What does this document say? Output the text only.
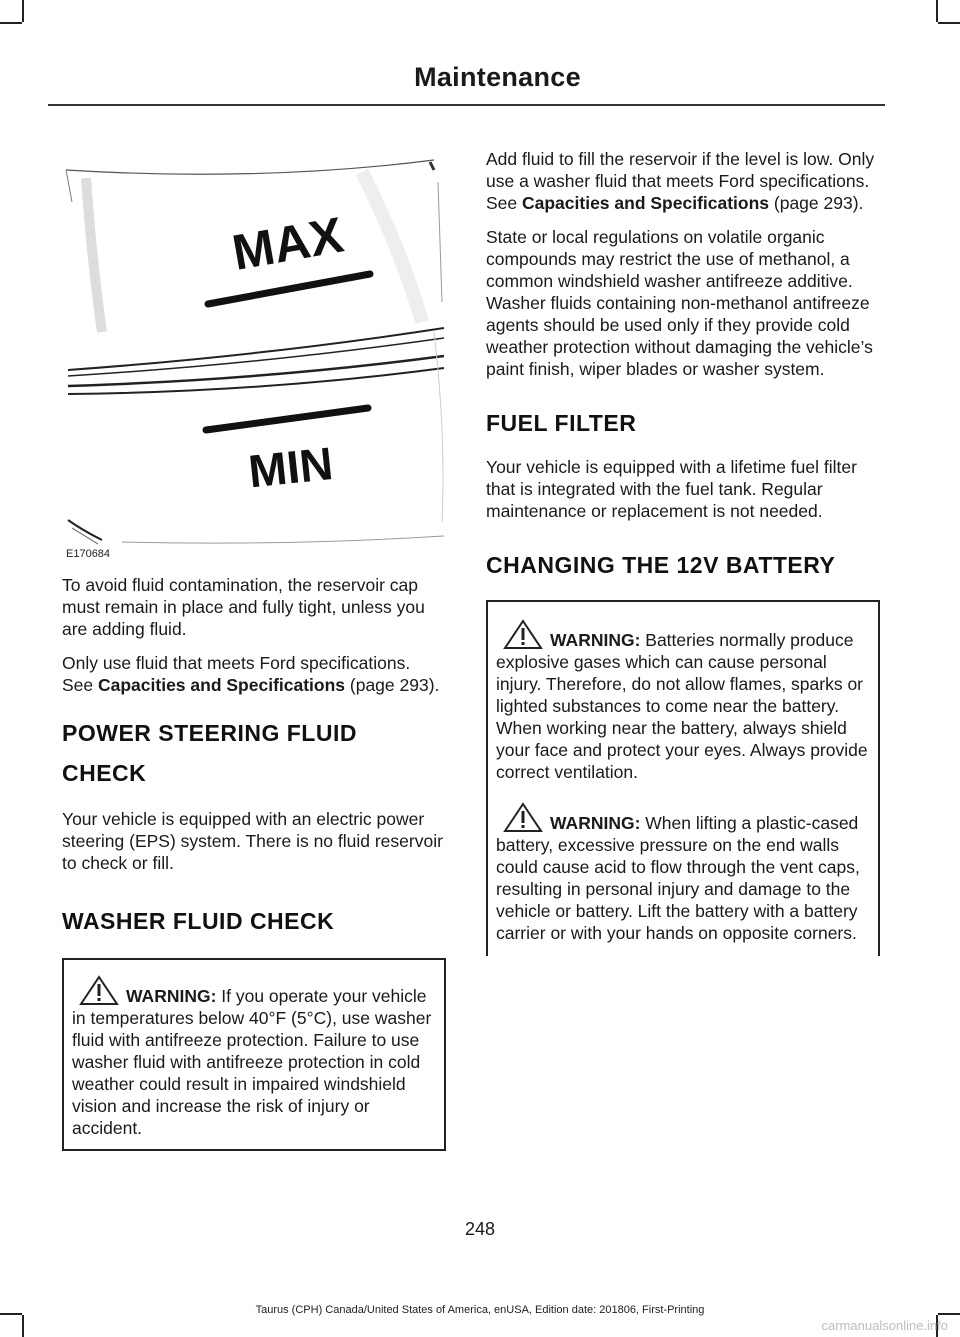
Maintenance
MAX
MIN
E170684

To avoid fluid contamination, the reservoir cap must remain in place and fully tight, unless you are adding fluid.

Only use fluid that meets Ford specifications. See Capacities and Specifications (page 293).

POWER STEERING FLUID
CHECK

Your vehicle is equipped with an electric power steering (EPS) system. There is no fluid reservoir to check or fill.

WASHER FLUID CHECK

WARNING: If you operate your vehicle in temperatures below 40°F (5°C), use washer fluid with antifreeze protection. Failure to use washer fluid with antifreeze protection in cold weather could result in impaired windshield vision and increase the risk of injury or accident.

Add fluid to fill the reservoir if the level is low. Only use a washer fluid that meets Ford specifications. See Capacities and Specifications (page 293).

State or local regulations on volatile organic compounds may restrict the use of methanol, a common windshield washer antifreeze additive. Washer fluids containing non-methanol antifreeze agents should be used only if they provide cold weather protection without damaging the vehicle’s paint finish, wiper blades or washer system.

FUEL FILTER

Your vehicle is equipped with a lifetime fuel filter that is integrated with the fuel tank. Regular maintenance or replacement is not needed.

CHANGING THE 12V BATTERY

WARNING: Batteries normally produce explosive gases which can cause personal injury. Therefore, do not allow flames, sparks or lighted substances to come near the battery. When working near the battery, always shield your face and protect your eyes. Always provide correct ventilation.

WARNING: When lifting a plastic-cased battery, excessive pressure on the end walls could cause acid to flow through the vent caps, resulting in personal injury and damage to the vehicle or battery. Lift the battery with a battery carrier or with your hands on opposite corners.

248
Taurus (CPH) Canada/United States of America, enUSA, Edition date: 201806, First-Printing
carmanualsonline.info
